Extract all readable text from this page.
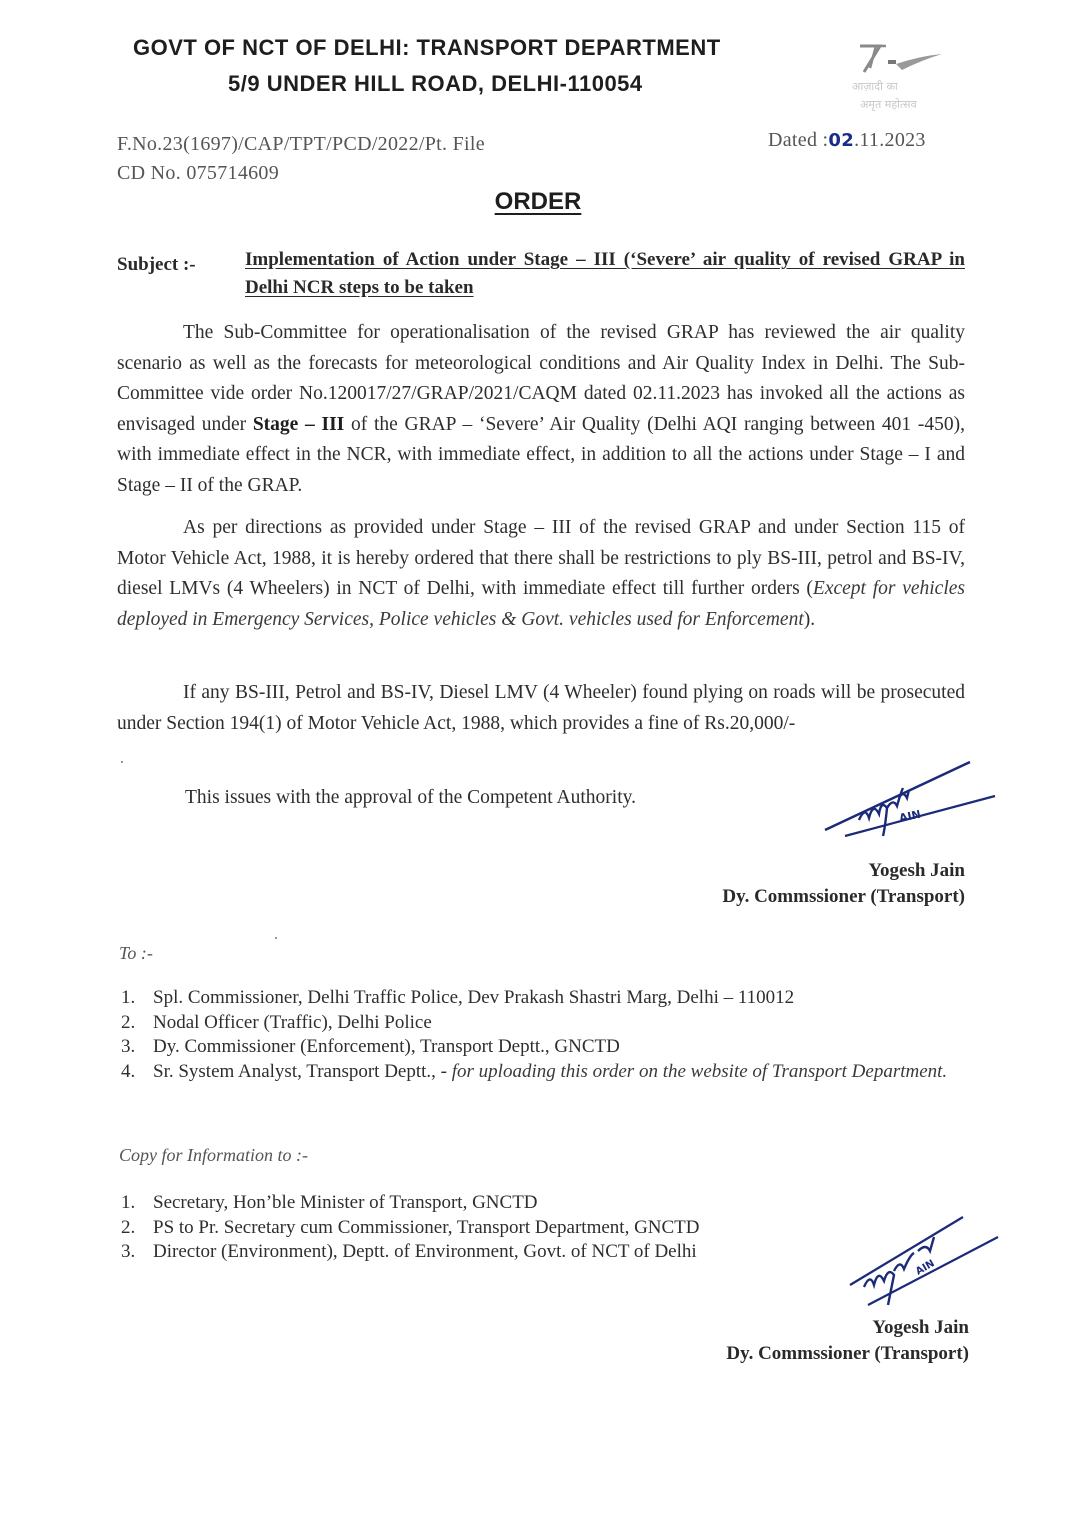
GOVT OF NCT OF DELHI: TRANSPORT DEPARTMENT
5/9 UNDER HILL ROAD, DELHI-110054	आज़ादी का
अमृत महोत्सव
F.No.23(1697)/CAP/TPT/PCD/2022/Pt. File
CD No. 075714609
Dated :02.11.2023
ORDER
Subject :-	Implementation of Action under Stage – III (‘Severe’ air quality of revised GRAP in Delhi NCR steps to be taken
The Sub-Committee for operationalisation of the revised GRAP has reviewed the air quality scenario as well as the forecasts for meteorological conditions and Air Quality Index in Delhi. The Sub-Committee vide order No.120017/27/GRAP/2021/CAQM dated 02.11.2023 has invoked all the actions as envisaged under Stage – III of the GRAP – ‘Severe’ Air Quality (Delhi AQI ranging between 401 -450), with immediate effect in the NCR, with immediate effect, in addition to all the actions under Stage – I and Stage – II of the GRAP.
As per directions as provided under Stage – III of the revised GRAP and under Section 115 of Motor Vehicle Act, 1988, it is hereby ordered that there shall be restrictions to ply BS-III, petrol and BS-IV, diesel LMVs (4 Wheelers) in NCT of Delhi, with immediate effect till further orders (Except for vehicles deployed in Emergency Services, Police vehicles & Govt. vehicles used for Enforcement).
If any BS-III, Petrol and BS-IV, Diesel LMV (4 Wheeler) found plying on roads will be prosecuted under Section 194(1) of Motor Vehicle Act, 1988, which provides a fine of Rs.20,000/-
This issues with the approval of the Competent Authority.
AIN
Yogesh Jain
Dy. Commssioner (Transport)
To :-
1. Spl. Commissioner, Delhi Traffic Police, Dev Prakash Shastri Marg, Delhi – 110012
2. Nodal Officer (Traffic), Delhi Police
3. Dy. Commissioner (Enforcement), Transport Deptt., GNCTD
4. Sr. System Analyst, Transport Deptt., - for uploading this order on the website of Transport Department.
Copy for Information to :-
1. Secretary, Hon’ble Minister of Transport, GNCTD
2. PS to Pr. Secretary cum Commissioner, Transport Department, GNCTD
3. Director (Environment), Deptt. of Environment, Govt. of NCT of Delhi
AIN
Yogesh Jain
Dy. Commssioner (Transport)
